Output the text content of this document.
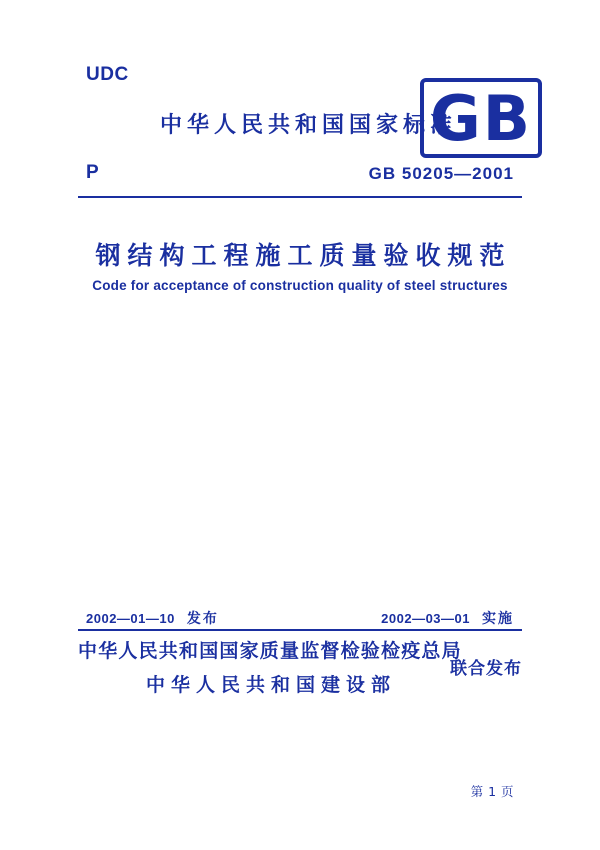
UDC
中华人民共和国国家标准
GB
P	GB 50205—2001
钢结构工程施工质量验收规范
Code for acceptance of construction quality of steel structures
2002—01—10 发布	2002—03—01 实施
中华人民共和国国家质量监督检验检疫总局
中华人民共和国建设部
联合发布
第 1 页
